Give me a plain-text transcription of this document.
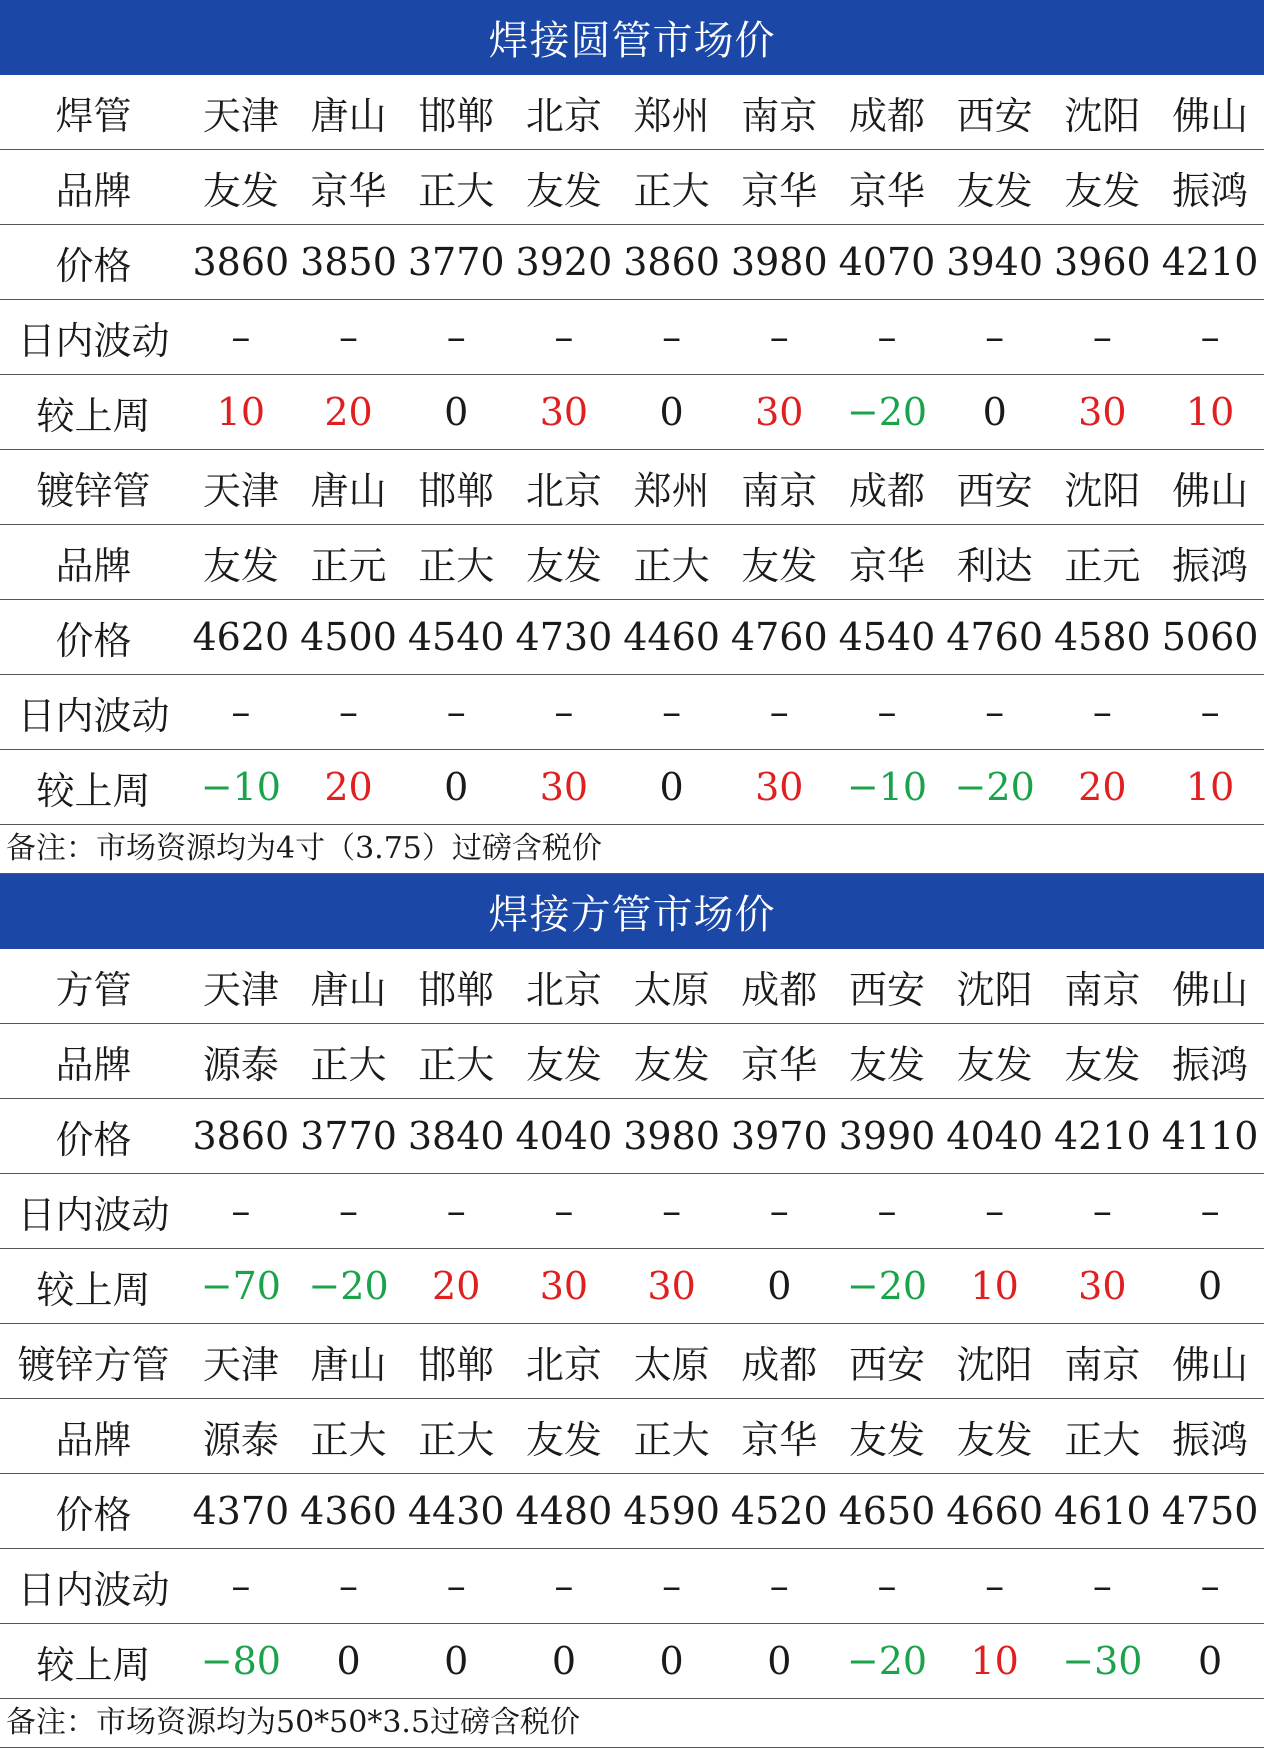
焊接圆管市场价
焊管	天津	唐山	邯郸	北京	郑州	南京	成都	西安	沈阳	佛山
品牌	友发	京华	正大	友发	正大	京华	京华	友发	友发	振鸿
价格	3860	3850	3770	3920	3860	3980	4070	3940	3960	4210
日内波动	–	–	–	–	–	–	–	–	–	–
较上周	10	20	0	30	0	30	−20	0	30	10
镀锌管	天津	唐山	邯郸	北京	郑州	南京	成都	西安	沈阳	佛山
品牌	友发	正元	正大	友发	正大	友发	京华	利达	正元	振鸿
价格	4620	4500	4540	4730	4460	4760	4540	4760	4580	5060
日内波动	–	–	–	–	–	–	–	–	–	–
较上周	−10	20	0	30	0	30	−10	−20	20	10
备注：市场资源均为4寸（3.75）过磅含税价
焊接方管市场价
方管	天津	唐山	邯郸	北京	太原	成都	西安	沈阳	南京	佛山
品牌	源泰	正大	正大	友发	友发	京华	友发	友发	友发	振鸿
价格	3860	3770	3840	4040	3980	3970	3990	4040	4210	4110
日内波动	–	–	–	–	–	–	–	–	–	–
较上周	−70	−20	20	30	30	0	−20	10	30	0
镀锌方管	天津	唐山	邯郸	北京	太原	成都	西安	沈阳	南京	佛山
品牌	源泰	正大	正大	友发	正大	京华	友发	友发	正大	振鸿
价格	4370	4360	4430	4480	4590	4520	4650	4660	4610	4750
日内波动	–	–	–	–	–	–	–	–	–	–
较上周	−80	0	0	0	0	0	−20	10	−30	0
备注：市场资源均为50*50*3.5过磅含税价
